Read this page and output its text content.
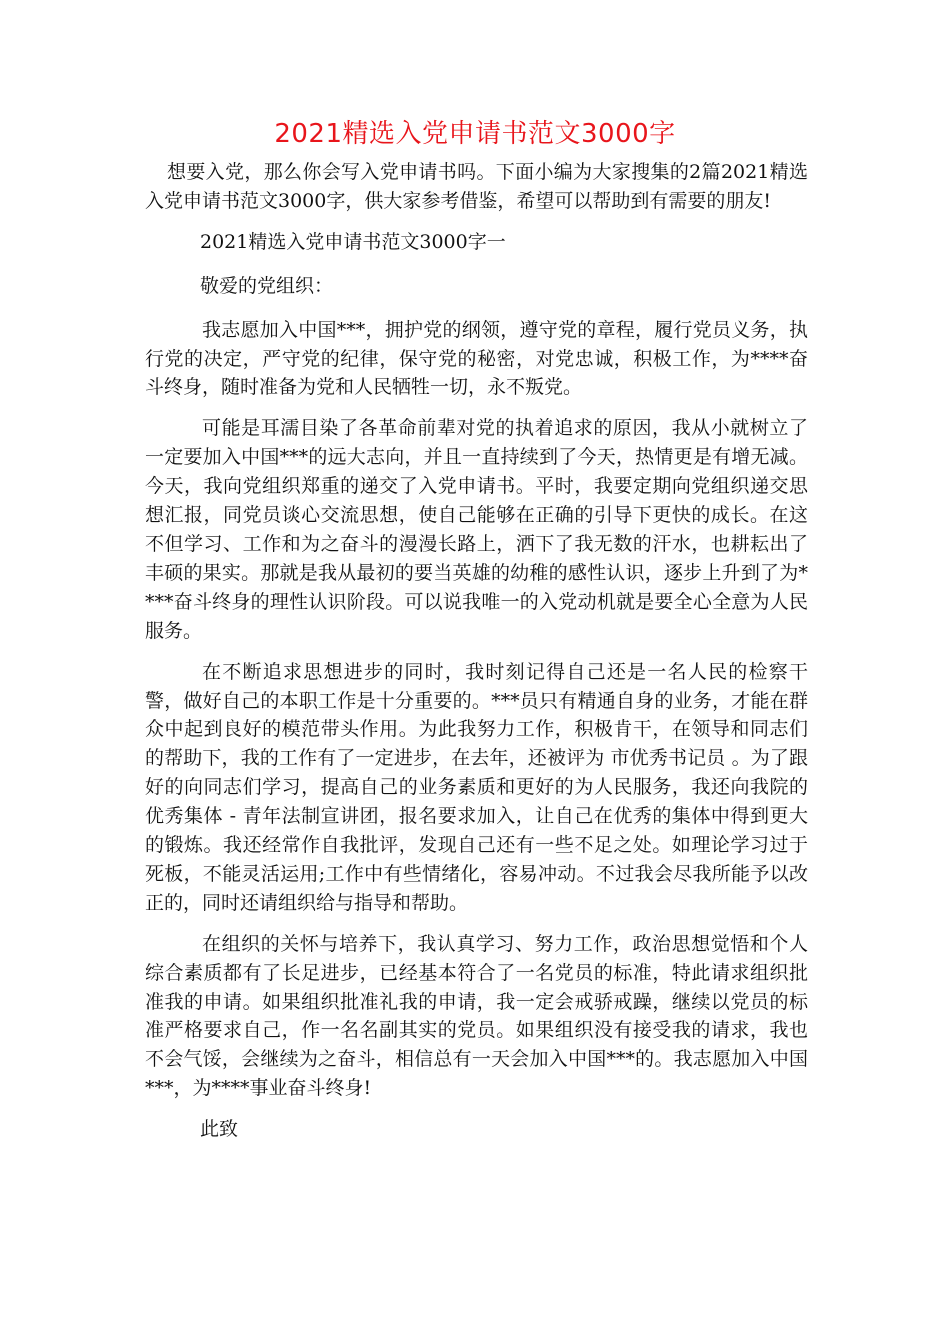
2021精选入党申请书范文3000字

想要入党，那么你会写入党申请书吗。下面小编为大家搜集的2篇2021精选入党申请书范文3000字，供大家参考借鉴，希望可以帮助到有需要的朋友!

2021精选入党申请书范文3000字一

敬爱的党组织：

我志愿加入中国***，拥护党的纲领，遵守党的章程，履行党员义务，执行党的决定，严守党的纪律，保守党的秘密，对党忠诚，积极工作，为****奋斗终身，随时准备为党和人民牺牲一切，永不叛党。

可能是耳濡目染了各革命前辈对党的执着追求的原因，我从小就树立了一定要加入中国***的远大志向，并且一直持续到了今天，热情更是有增无减。今天，我向党组织郑重的递交了入党申请书。平时，我要定期向党组织递交思想汇报，同党员谈心交流思想，使自己能够在正确的引导下更快的成长。在这不但学习、工作和为之奋斗的漫漫长路上，洒下了我无数的汗水，也耕耘出了丰硕的果实。那就是我从最初的要当英雄的幼稚的感性认识，逐步上升到了为****奋斗终身的理性认识阶段。可以说我唯一的入党动机就是要全心全意为人民服务。

在不断追求思想进步的同时，我时刻记得自己还是一名人民的检察干警，做好自己的本职工作是十分重要的。***员只有精通自身的业务，才能在群众中起到良好的模范带头作用。为此我努力工作，积极肯干，在领导和同志们的帮助下，我的工作有了一定进步，在去年，还被评为 市优秀书记员 。为了跟好的向同志们学习，提高自己的业务素质和更好的为人民服务，我还向我院的优秀集体 - 青年法制宣讲团，报名要求加入，让自己在优秀的集体中得到更大的锻炼。我还经常作自我批评，发现自己还有一些不足之处。如理论学习过于死板，不能灵活运用;工作中有些情绪化，容易冲动。不过我会尽我所能予以改正的，同时还请组织给与指导和帮助。

在组织的关怀与培养下，我认真学习、努力工作，政治思想觉悟和个人综合素质都有了长足进步，已经基本符合了一名党员的标准，特此请求组织批准我的申请。如果组织批准礼我的申请，我一定会戒骄戒躁，继续以党员的标准严格要求自己，作一名名副其实的党员。如果组织没有接受我的请求，我也不会气馁，会继续为之奋斗，相信总有一天会加入中国***的。我志愿加入中国***，为****事业奋斗终身!

此致
